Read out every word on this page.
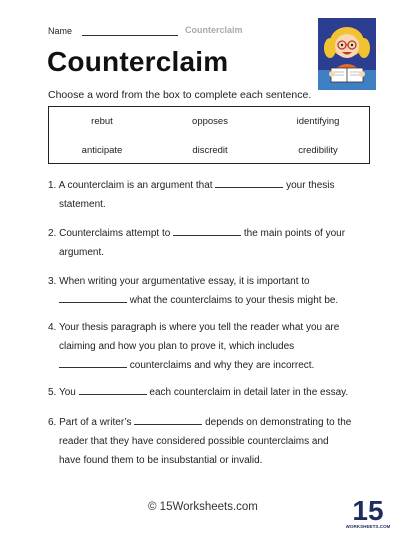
Name	Counterclaim
Counterclaim
Choose a word from the box to complete each sentence.
rebut	opposes	identifying
anticipate	discredit	credibility
1. A counterclaim is an argument that	your thesis
statement.
2. Counterclaims attempt to	the main points of your
argument.
3. When writing your argumentative essay, it is important to
what the counterclaims to your thesis might be.
4. Your thesis paragraph is where you tell the reader what you are
claiming and how you plan to prove it, which includes
counterclaims and why they are incorrect.
5. You	each counterclaim in detail later in the essay.
6. Part of a writer’s	depends on demonstrating to the
reader that they have considered possible counterclaims and
have found them to be insubstantial or invalid.
© 15Worksheets.com	15
WORKSHEETS.COM
